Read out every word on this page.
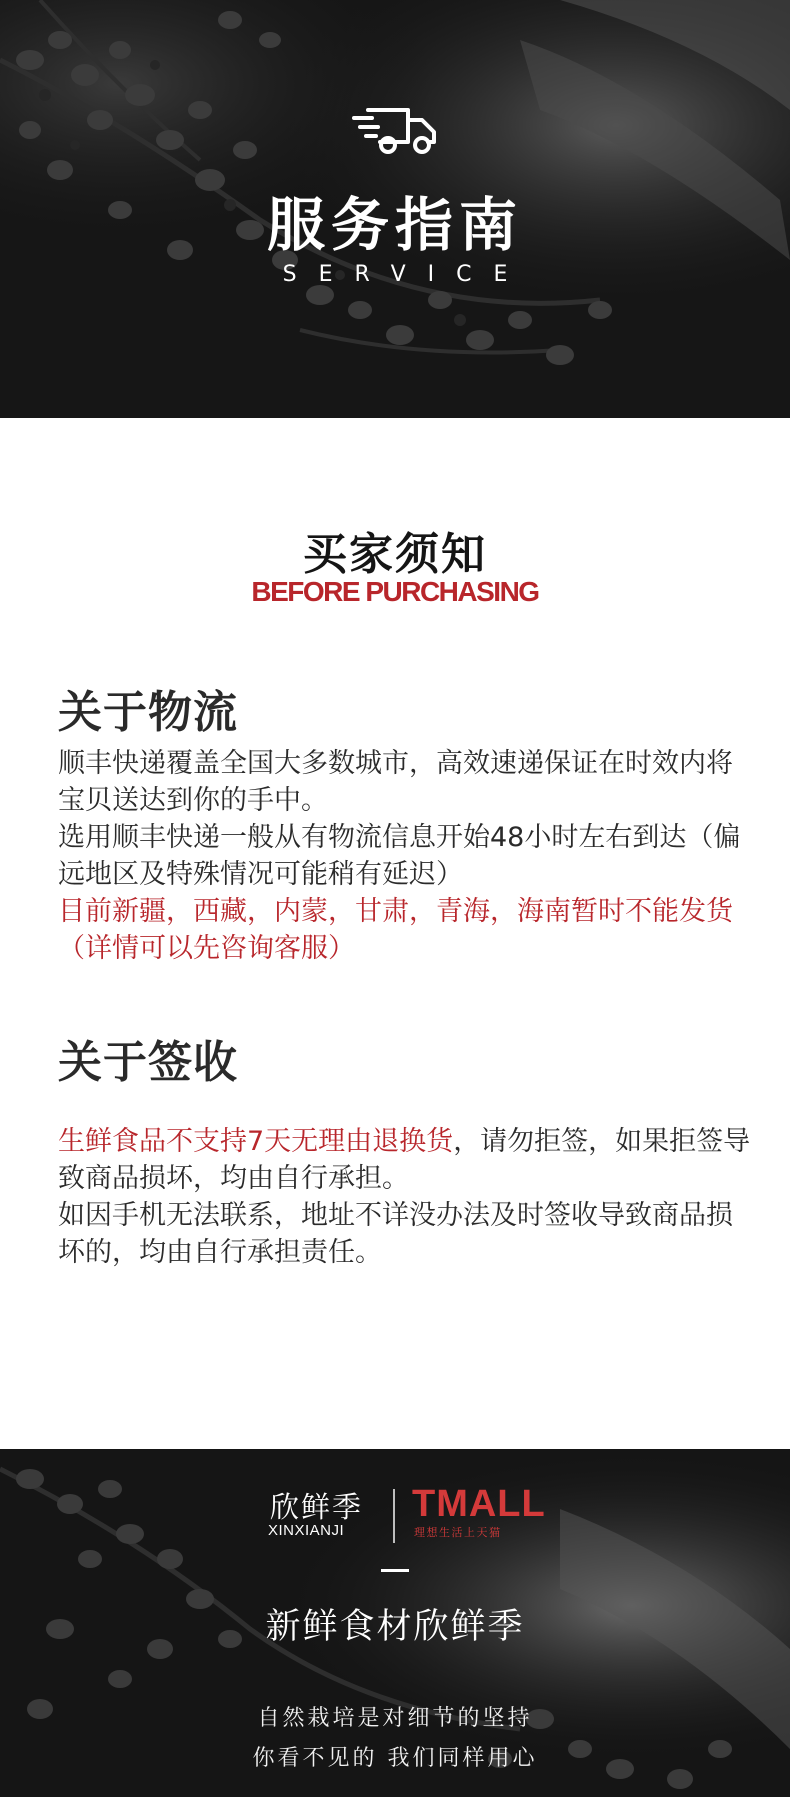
服务指南
SERVICE
买家须知
BEFORE PURCHASING
关于物流

顺丰快递覆盖全国大多数城市，高效速递保证在时效内将宝贝送达到你的手中。

选用顺丰快递一般从有物流信息开始48小时左右到达（偏远地区及特殊情况可能稍有延迟）

目前新疆，西藏，内蒙，甘肃，青海，海南暂时不能发货（详情可以先咨询客服）

关于签收

生鲜食品不支持7天无理由退换货，请勿拒签，如果拒签导致商品损坏，均由自行承担。

如因手机无法联系，地址不详没办法及时签收导致商品损坏的，均由自行承担责任。

欣鲜季
XINXIANJI
TMALL
理想生活上天猫
新鲜食材欣鲜季
自然栽培是对细节的坚持
你看不见的 我们同样用心
